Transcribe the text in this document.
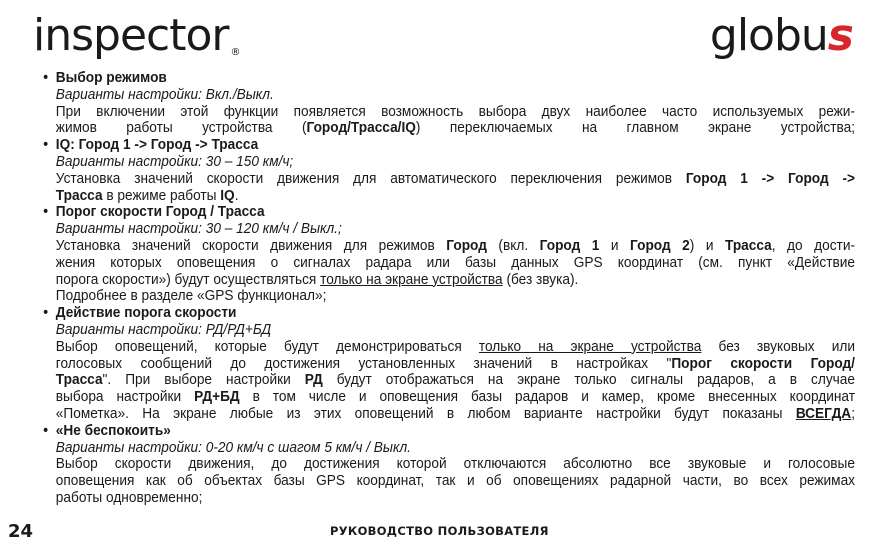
inspector ®	globus
• Выбор режимов
Варианты настройки: Вкл./Выкл.
При включении этой функции появляется возможность выбора двух наиболее часто используемых режи-
жимов работы устройства (Город/Трасса/IQ) переключаемых на главном экране устройства;
• IQ: Город 1 -> Город -> Трасса
Варианты настройки: 30 – 150 км/ч;
Установка значений скорости движения для автоматического переключения режимов Город 1 -> Город ->
Трасса в режиме работы IQ.
• Порог скорости Город / Трасса
Варианты настройки: 30 – 120 км/ч / Выкл.;
Установка значений скорости движения для режимов Город (вкл. Город 1 и Город 2) и Трасса, до дости-
жения которых оповещения о сигналах радара или базы данных GPS координат (см. пункт «Действие
порога скорости») будут осуществляться только на экране устройства (без звука).
Подробнее в разделе «GPS функционал»;
• Действие порога скорости
Варианты настройки: РД/РД+БД
Выбор оповещений, которые будут демонстрироваться только на экране устройства без звуковых или
голосовых сообщений до достижения установленных значений в настройках "Порог скорости Город/
Трасса". При выборе настройки РД будут отображаться на экране только сигналы радаров, а в случае
выбора настройки РД+БД в том числе и оповещения базы радаров и камер, кроме внесенных координат
«Пометка». На экране любые из этих оповещений в любом варианте настройки будут показаны ВСЕГДА;
• «Не беспокоить»
Варианты настройки: 0-20 км/ч с шагом 5 км/ч / Выкл.
Выбор скорости движения, до достижения которой отключаются абсолютно все звуковые и голосовые
оповещения как об объектах базы GPS координат, так и об оповещениях радарной части, во всех режимах
работы одновременно;
24	РУКОВОДСТВО ПОЛЬЗОВАТЕЛЯ
